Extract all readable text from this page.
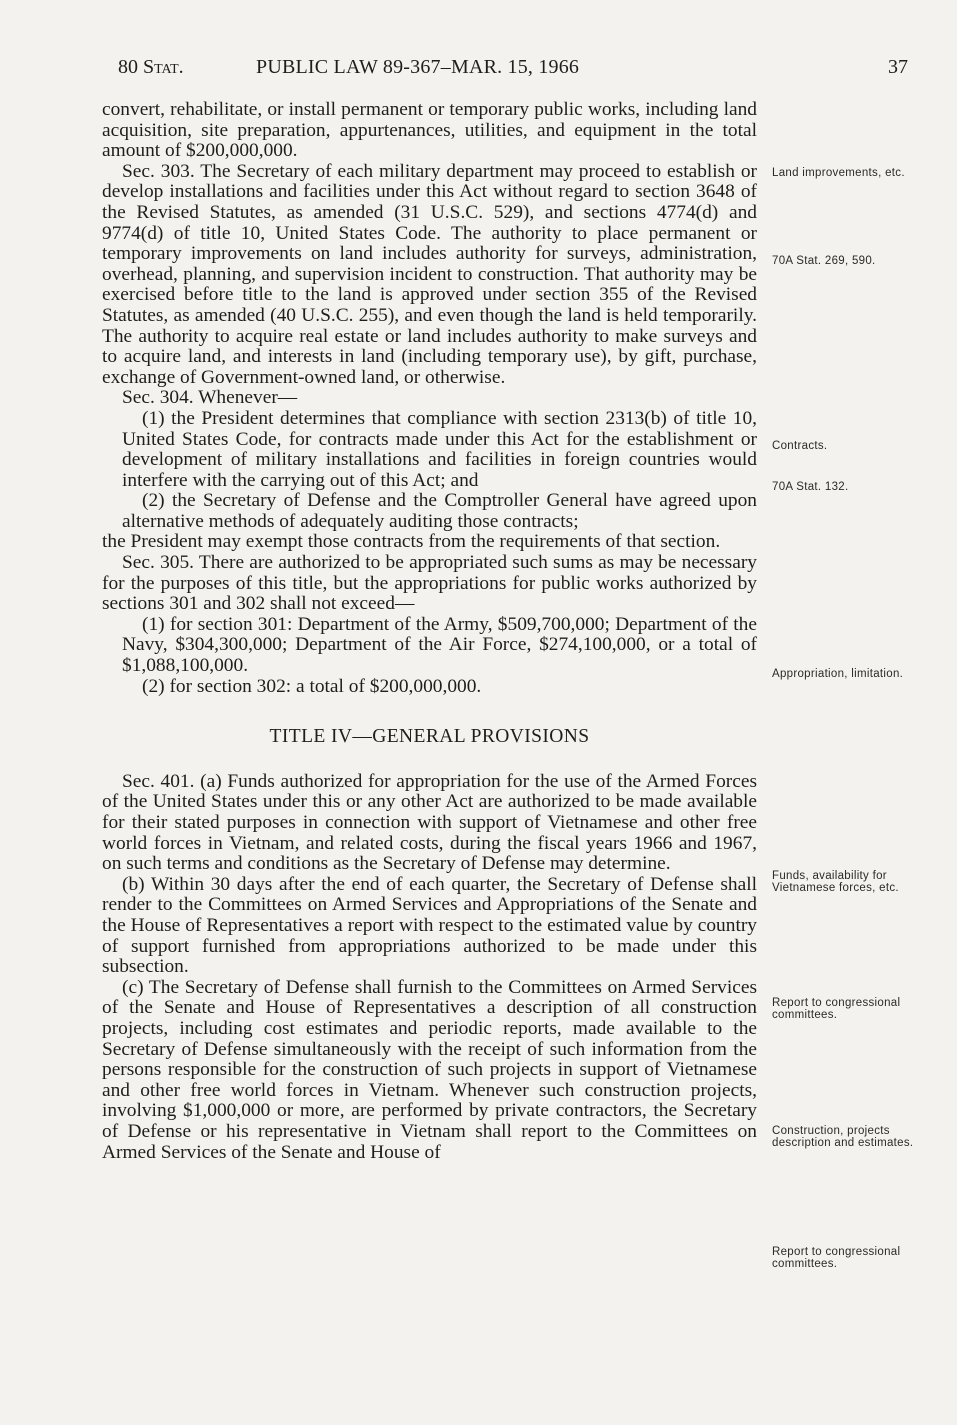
80 Stat.	PUBLIC LAW 89-367–MAR. 15, 1966	37

convert, rehabilitate, or install permanent or temporary public works, including land acquisition, site preparation, appurtenances, utilities, and equipment in the total amount of $200,000,000.

Sec. 303. The Secretary of each military department may proceed to establish or develop installations and facilities under this Act without regard to section 3648 of the Revised Statutes, as amended (31 U.S.C. 529), and sections 4774(d) and 9774(d) of title 10, United States Code. The authority to place permanent or temporary improvements on land includes authority for surveys, administration, overhead, planning, and supervision incident to construction. That authority may be exercised before title to the land is approved under section 355 of the Revised Statutes, as amended (40 U.S.C. 255), and even though the land is held temporarily. The authority to acquire real estate or land includes authority to make surveys and to acquire land, and interests in land (including temporary use), by gift, purchase, exchange of Government-owned land, or otherwise.

Sec. 304. Whenever—

(1) the President determines that compliance with section 2313(b) of title 10, United States Code, for contracts made under this Act for the establishment or development of military installations and facilities in foreign countries would interfere with the carrying out of this Act; and

(2) the Secretary of Defense and the Comptroller General have agreed upon alternative methods of adequately auditing those contracts;

the President may exempt those contracts from the requirements of that section.

Sec. 305. There are authorized to be appropriated such sums as may be necessary for the purposes of this title, but the appropriations for public works authorized by sections 301 and 302 shall not exceed—

(1) for section 301: Department of the Army, $509,700,000; Department of the Navy, $304,300,000; Department of the Air Force, $274,100,000, or a total of $1,088,100,000.

(2) for section 302: a total of $200,000,000.

TITLE IV—GENERAL PROVISIONS

Sec. 401. (a) Funds authorized for appropriation for the use of the Armed Forces of the United States under this or any other Act are authorized to be made available for their stated purposes in connection with support of Vietnamese and other free world forces in Vietnam, and related costs, during the fiscal years 1966 and 1967, on such terms and conditions as the Secretary of Defense may determine.

(b) Within 30 days after the end of each quarter, the Secretary of Defense shall render to the Committees on Armed Services and Appropriations of the Senate and the House of Representatives a report with respect to the estimated value by country of support furnished from appropriations authorized to be made under this subsection.

(c) The Secretary of Defense shall furnish to the Committees on Armed Services of the Senate and House of Representatives a description of all construction projects, including cost estimates and periodic reports, made available to the Secretary of Defense simultaneously with the receipt of such information from the persons responsible for the construction of such projects in support of Vietnamese and other free world forces in Vietnam. Whenever such construction projects, involving $1,000,000 or more, are performed by private contractors, the Secretary of Defense or his representative in Vietnam shall report to the Committees on Armed Services of the Senate and House of

Land improvements, etc.
70A Stat. 269, 590.
Contracts.
70A Stat. 132.
Appropriation, limitation.
Funds, availability for Vietnamese forces, etc.
Report to congressional committees.
Construction, projects description and estimates.
Report to congressional committees.
